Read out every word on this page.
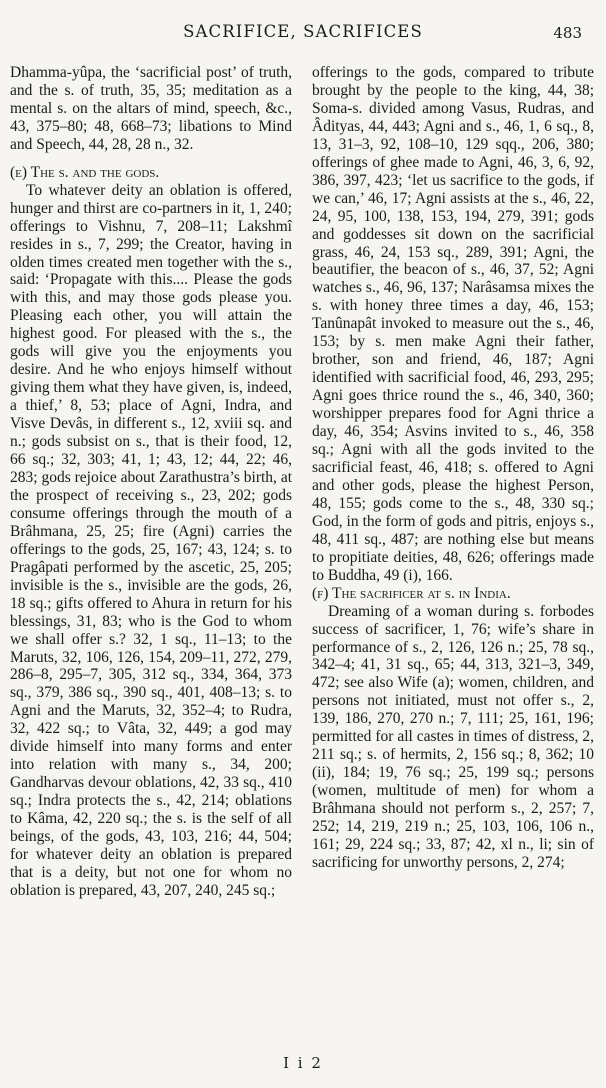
SACRIFICE, SACRIFICES	483

Dhamma-yûpa, the ‘sacrificial post’ of truth, and the s. of truth, 35, 35; meditation as a mental s. on the altars of mind, speech, &c., 43, 375–80; 48, 668–73; libations to Mind and Speech, 44, 28, 28 n., 32.

(e) The s. and the gods.

To whatever deity an oblation is offered, hunger and thirst are co-partners in it, 1, 240; offerings to Vishnu, 7, 208–11; Lakshmî resides in s., 7, 299; the Creator, having in olden times created men together with the s., said: ‘Propagate with this.... Please the gods with this, and may those gods please you. Pleasing each other, you will attain the highest good. For pleased with the s., the gods will give you the enjoyments you desire. And he who enjoys himself without giving them what they have given, is, indeed, a thief,’ 8, 53; place of Agni, Indra, and Visve Devâs, in different s., 12, xviii sq. and n.; gods subsist on s., that is their food, 12, 66 sq.; 32, 303; 41, 1; 43, 12; 44, 22; 46, 283; gods rejoice about Zarathustra’s birth, at the prospect of receiving s., 23, 202; gods consume offerings through the mouth of a Brâhmana, 25, 25; fire (Agni) carries the offerings to the gods, 25, 167; 43, 124; s. to Pragâpati performed by the ascetic, 25, 205; invisible is the s., invisible are the gods, 26, 18 sq.; gifts offered to Ahura in return for his blessings, 31, 83; who is the God to whom we shall offer s.? 32, 1 sq., 11–13; to the Maruts, 32, 106, 126, 154, 209–11, 272, 279, 286–8, 295–7, 305, 312 sq., 334, 364, 373 sq., 379, 386 sq., 390 sq., 401, 408–13; s. to Agni and the Maruts, 32, 352–4; to Rudra, 32, 422 sq.; to Vâta, 32, 449; a god may divide himself into many forms and enter into relation with many s., 34, 200; Gandharvas devour oblations, 42, 33 sq., 410 sq.; Indra protects the s., 42, 214; oblations to Kâma, 42, 220 sq.; the s. is the self of all beings, of the gods, 43, 103, 216; 44, 504; for whatever deity an oblation is prepared that is a deity, but not one for whom no oblation is prepared, 43, 207, 240, 245 sq.;

offerings to the gods, compared to tribute brought by the people to the king, 44, 38; Soma-s. divided among Vasus, Rudras, and Âdityas, 44, 443; Agni and s., 46, 1, 6 sq., 8, 13, 31–3, 92, 108–10, 129 sqq., 206, 380; offerings of ghee made to Agni, 46, 3, 6, 92, 386, 397, 423; ‘let us sacrifice to the gods, if we can,’ 46, 17; Agni assists at the s., 46, 22, 24, 95, 100, 138, 153, 194, 279, 391; gods and goddesses sit down on the sacrificial grass, 46, 24, 153 sq., 289, 391; Agni, the beautifier, the beacon of s., 46, 37, 52; Agni watches s., 46, 96, 137; Narâsamsa mixes the s. with honey three times a day, 46, 153; Tanûnapât invoked to measure out the s., 46, 153; by s. men make Agni their father, brother, son and friend, 46, 187; Agni identified with sacrificial food, 46, 293, 295; Agni goes thrice round the s., 46, 340, 360; worshipper prepares food for Agni thrice a day, 46, 354; Asvins invited to s., 46, 358 sq.; Agni with all the gods invited to the sacrificial feast, 46, 418; s. offered to Agni and other gods, please the highest Person, 48, 155; gods come to the s., 48, 330 sq.; God, in the form of gods and pitris, enjoys s., 48, 411 sq., 487; are nothing else but means to propitiate deities, 48, 626; offerings made to Buddha, 49 (i), 166.

(f) The sacrificer at s. in India.

Dreaming of a woman during s. forbodes success of sacrificer, 1, 76; wife’s share in performance of s., 2, 126, 126 n.; 25, 78 sq., 342–4; 41, 31 sq., 65; 44, 313, 321–3, 349, 472; see also Wife (a); women, children, and persons not initiated, must not offer s., 2, 139, 186, 270, 270 n.; 7, 111; 25, 161, 196; permitted for all castes in times of distress, 2, 211 sq.; s. of hermits, 2, 156 sq.; 8, 362; 10 (ii), 184; 19, 76 sq.; 25, 199 sq.; persons (women, multitude of men) for whom a Brâhmana should not perform s., 2, 257; 7, 252; 14, 219, 219 n.; 25, 103, 106, 106 n., 161; 29, 224 sq.; 33, 87; 42, xl n., li; sin of sacrificing for unworthy persons, 2, 274;

I i 2
